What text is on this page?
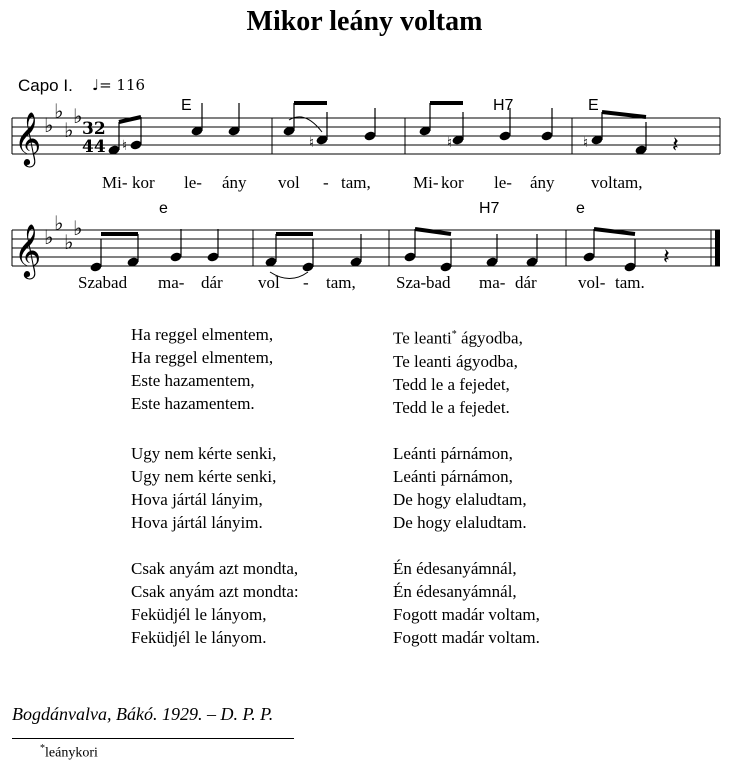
Mikor leány voltam
Capo I. ♩= 116
𝄞 ♭
♭
♭
♭
32
44 ♮	♮	♮	♮	𝄽
E	H7	E
Mi- kor le- ány vol - tam, Mi- kor le- ány voltam,
𝄞 ♭
♭
♭
♭
𝄽
e	H7	e
Szabad ma- dár vol - tam, Sza- bad ma- dár vol- tam.
Ha reggel elmentem,
Ha reggel elmentem,
Este hazamentem,
Este hazamentem.
Te leanti* ágyodba,
Te leanti ágyodba,
Tedd le a fejedet,
Tedd le a fejedet.
Ugy nem kérte senki,
Ugy nem kérte senki,
Hova jártál lányim,
Hova jártál lányim.
Leánti párnámon,
Leánti párnámon,
De hogy elaludtam,
De hogy elaludtam.
Csak anyám azt mondta,
Csak anyám azt mondta:
Feküdjél le lányom,
Feküdjél le lányom.
Én édesanyámnál,
Én édesanyámnál,
Fogott madár voltam,
Fogott madár voltam.
Bogdánvalva, Bákó. 1929. – D. P. P.
*leánykori
